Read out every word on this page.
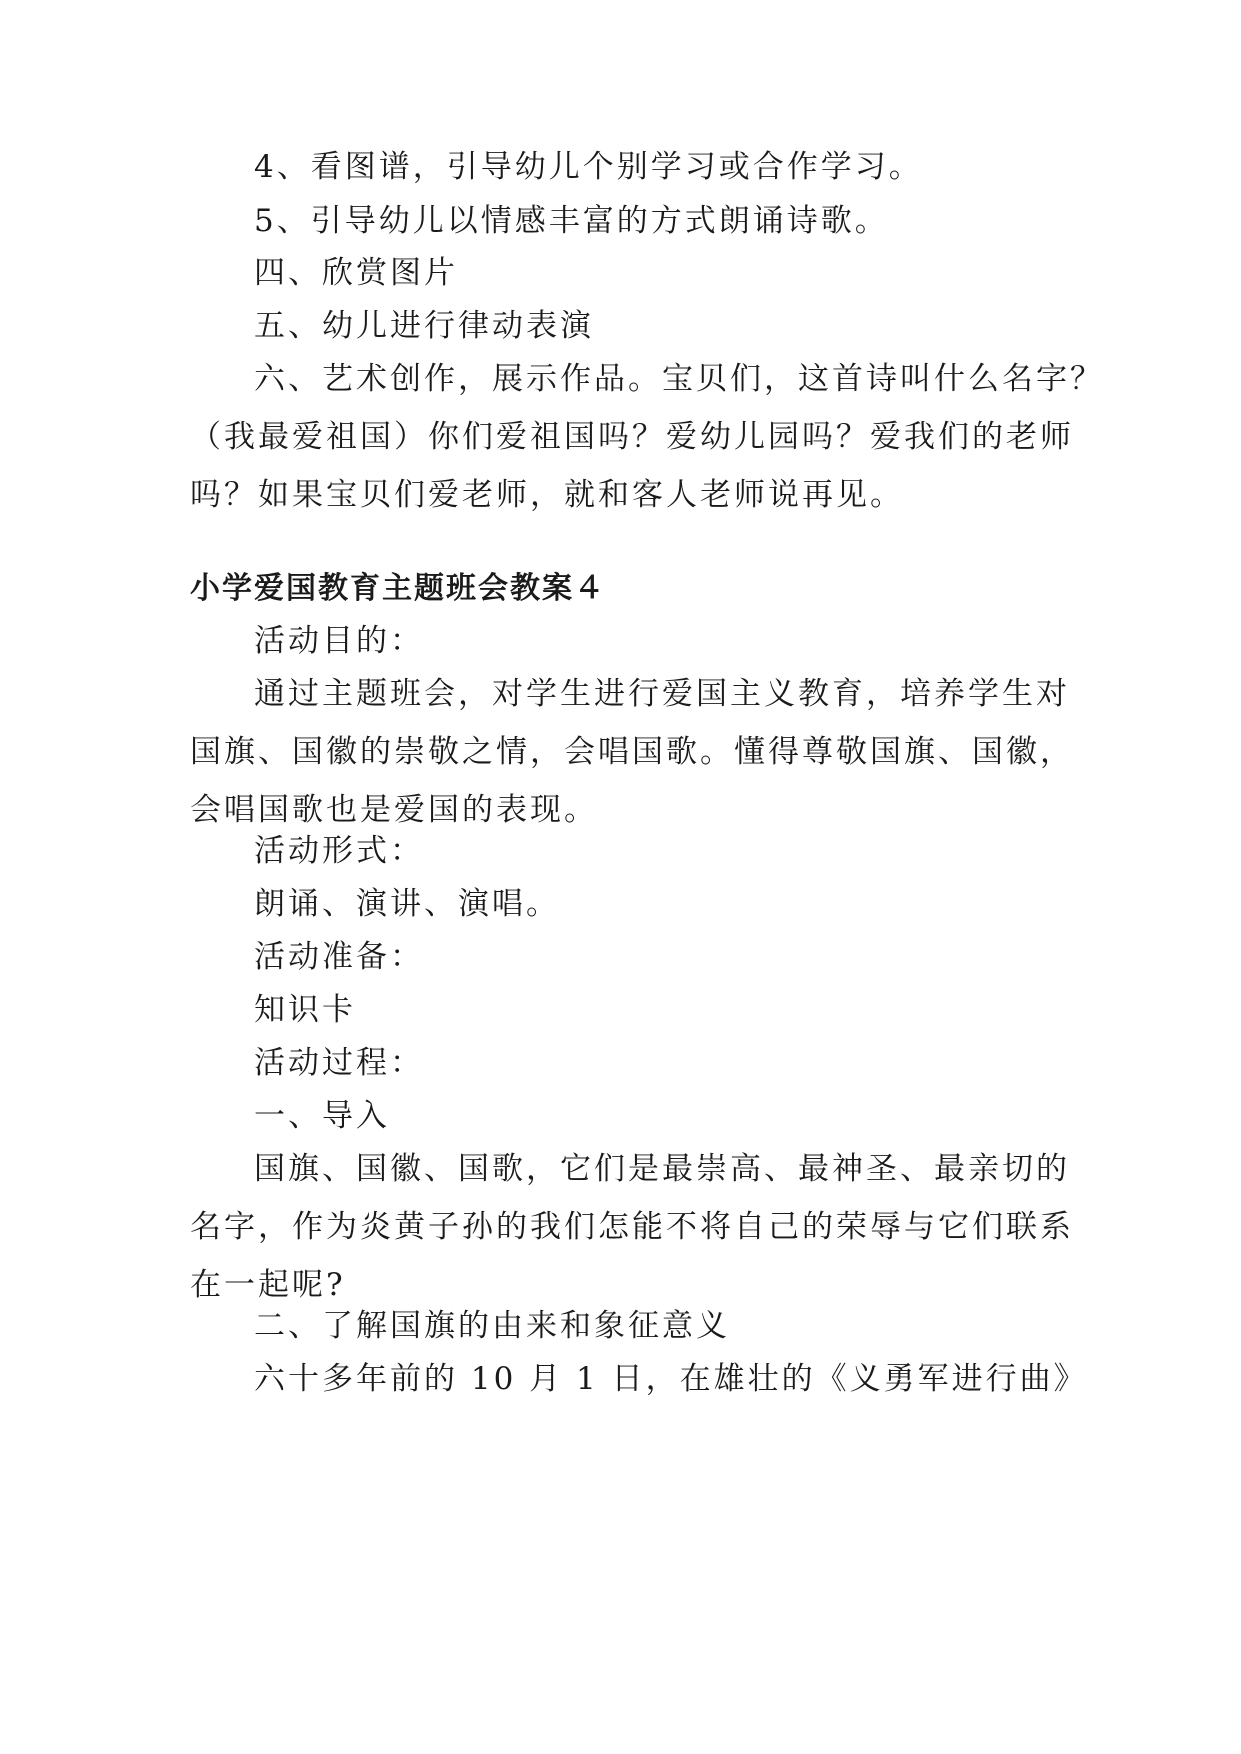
4、看图谱，引导幼儿个别学习或合作学习。
5、引导幼儿以情感丰富的方式朗诵诗歌。
四、欣赏图片
五、幼儿进行律动表演
六、艺术创作，展示作品。宝贝们，这首诗叫什么名字？
（我最爱祖国）你们爱祖国吗？爱幼儿园吗？爱我们的老师
吗？如果宝贝们爱老师，就和客人老师说再见。
小学爱国教育主题班会教案４
活动目的：
通过主题班会，对学生进行爱国主义教育，培养学生对
国旗、国徽的崇敬之情，会唱国歌。懂得尊敬国旗、国徽，
会唱国歌也是爱国的表现。
活动形式：
朗诵、演讲、演唱。
活动准备：
知识卡
活动过程：
一、导入
国旗、国徽、国歌，它们是最崇高、最神圣、最亲切的
名字，作为炎黄子孙的我们怎能不将自己的荣辱与它们联系
在一起呢?
二、了解国旗的由来和象征意义
六十多年前的 10 月 1 日，在雄壮的《义勇军进行曲》
